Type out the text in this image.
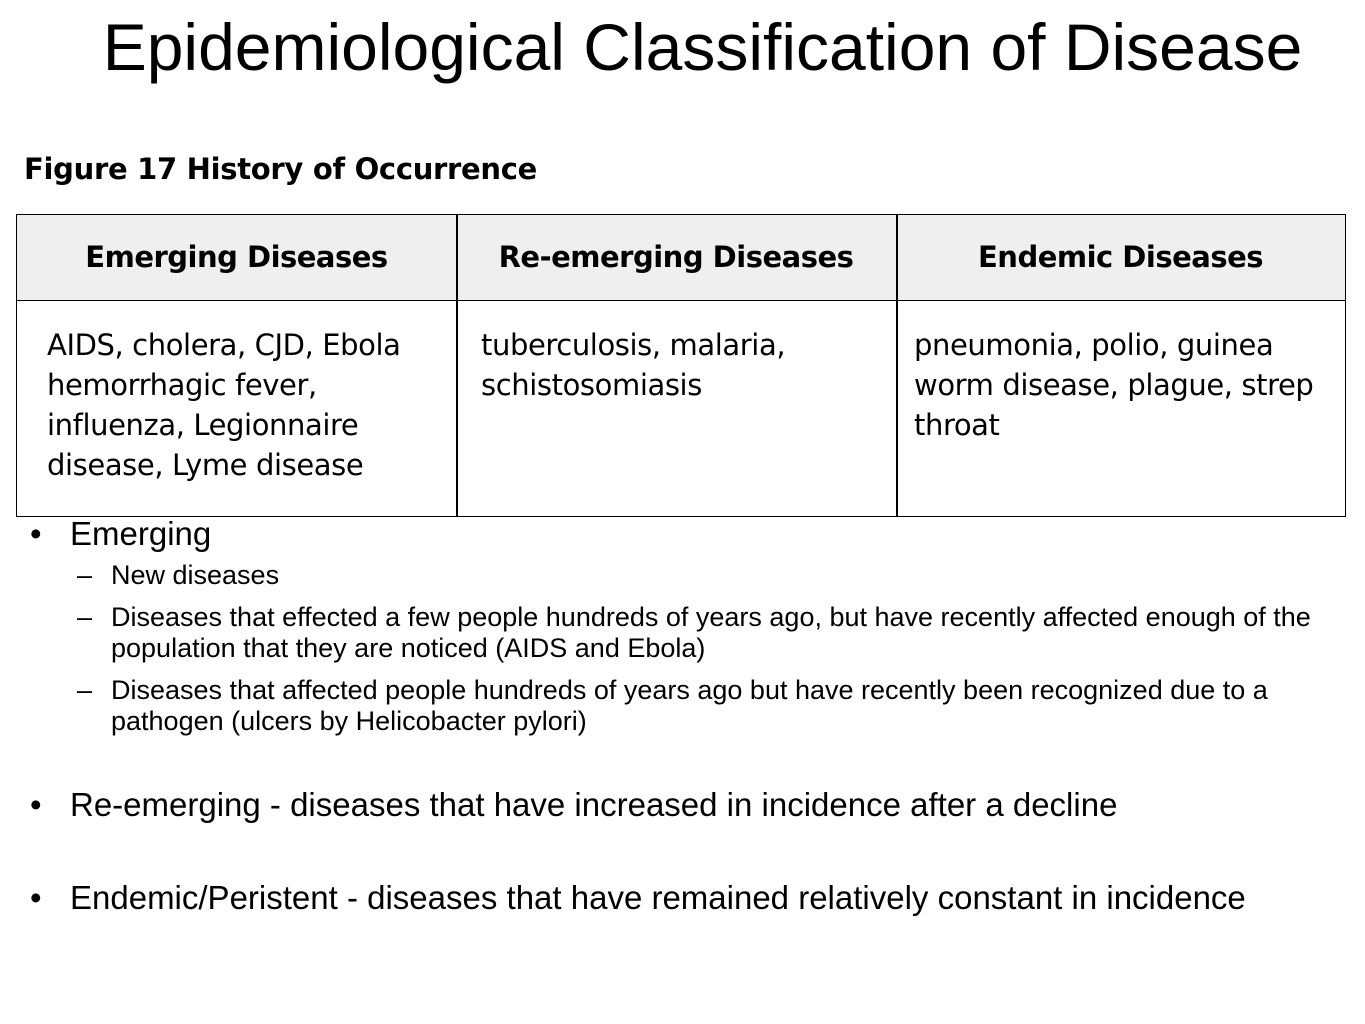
Epidemiological Classification of Disease
Figure 17 History of Occurrence
Emerging Diseases	Re-emerging Diseases	Endemic Diseases
AIDS, cholera, CJD, Ebola hemorrhagic fever, influenza, Legionnaire disease, Lyme disease
tuberculosis, malaria, schistosomiasis
pneumonia, polio, guinea worm disease, plague, strep throat
• Emerging
– New diseases
– Diseases that effected a few people hundreds of years ago, but have recently affected enough of the population that they are noticed (AIDS and Ebola)
– Diseases that affected people hundreds of years ago but have recently been recognized due to a pathogen (ulcers by Helicobacter pylori)
• Re-emerging - diseases that have increased in incidence after a decline
• Endemic/Peristent - diseases that have remained relatively constant in incidence
